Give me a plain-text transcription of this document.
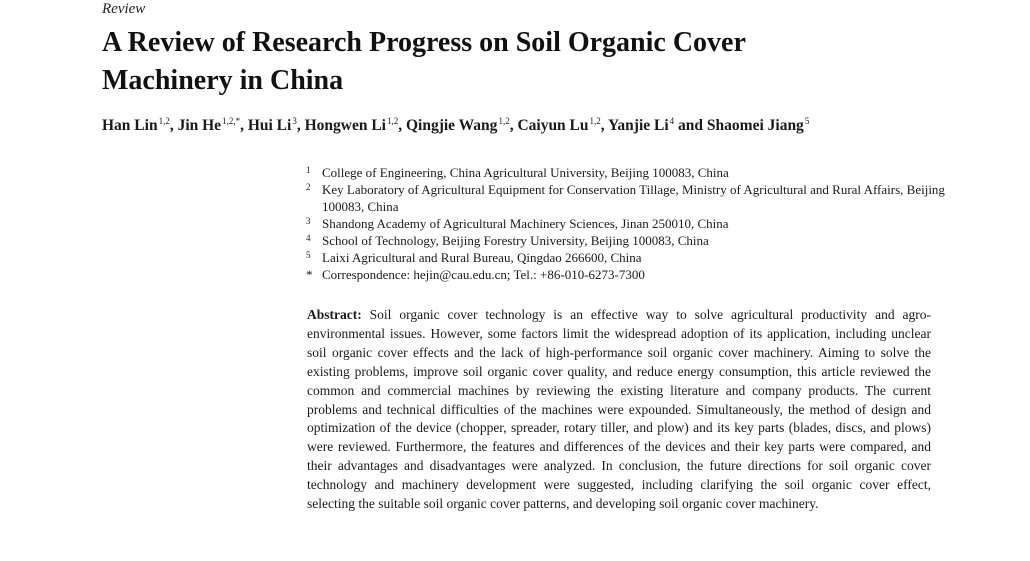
Review
A Review of Research Progress on Soil Organic Cover Machinery in China
Han Lin$^{1,2}$, Jin $He^{1,2,*}$, Hui Li$^3$, Hongwen Li$^{1,2}$, Qingjie Wang$^{1,2}$, Caiyun Lu$^{1,2}$, Yanjie Li$^4$ and Shaomei Jiang$^5$
1 College of Engineering, China Agricultural University, Beijing 100083, China
2 Key Laboratory of Agricultural Equipment for Conservation Tillage, Ministry of Agricultural and Rural Affairs, Beijing 100083, China
3 Shandong Academy of Agricultural Machinery Sciences, Jinan 250010, China
4 School of Technology, Beijing Forestry University, Beijing 100083, China
5 Laixi Agricultural and Rural Bureau, Qingdao 266600, China
* Correspondence: hejin@cau.edu.cn; Tel.: +86-010-6273-7300
Abstract: Soil organic cover technology is an effective way to solve agricultural productivity and agro-environmental issues. However, some factors limit the widespread adoption of its application, including unclear soil organic cover effects and the lack of high-performance soil organic cover machinery. Aiming to solve the existing problems, improve soil organic cover quality, and reduce energy consumption, this article reviewed the common and commercial machines by reviewing the existing literature and company products. The current problems and technical difficulties of the machines were expounded. Simultaneously, the method of design and optimization of the device (chopper, spreader, rotary tiller, and plow) and its key parts (blades, discs, and plows) were reviewed. Furthermore, the features and differences of the devices and their key parts were compared, and their advantages and disadvantages were analyzed. In conclusion, the future directions for soil organic cover technology and machinery development were suggested, including clarifying the soil organic cover effect, selecting the suitable soil organic cover patterns, and developing soil organic cover machinery.
